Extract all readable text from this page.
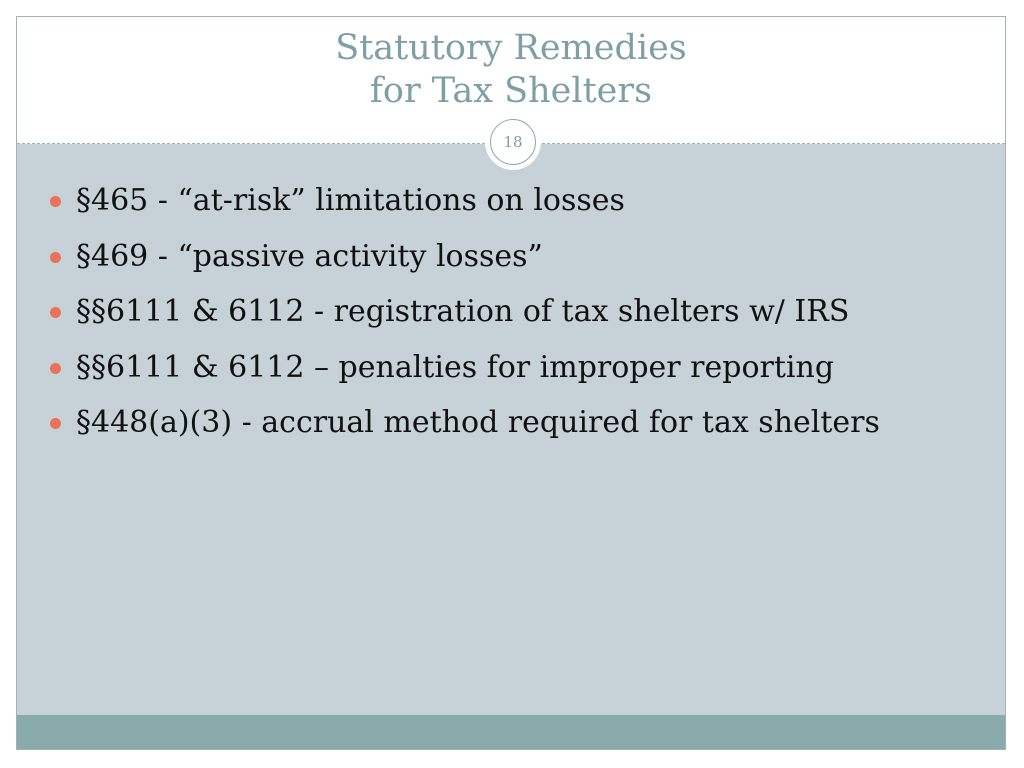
Statutory Remedies
for Tax Shelters
§465 - “at-risk” limitations on losses
§469 - “passive activity losses”
§§6111 & 6112 - registration of tax shelters w/ IRS
§§6111 & 6112 – penalties for improper reporting
§448(a)(3) - accrual method required for tax shelters
18
